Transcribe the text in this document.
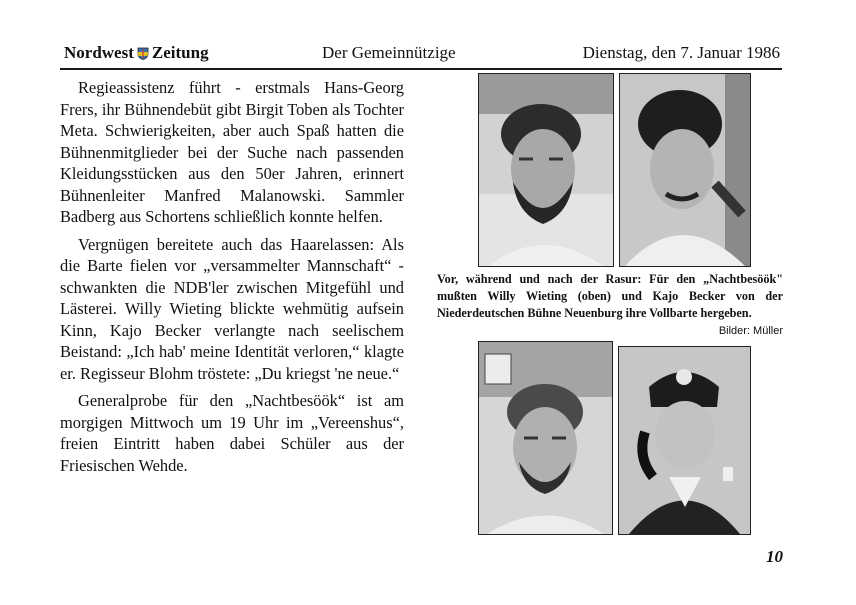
Nordwest Zeitung	Der Gemeinnützige	Dienstag, den 7. Januar 1986

Regieassistenz führt - erstmals Hans-Georg Frers, ihr Bühnendebüt gibt Birgit Toben als Tochter Meta. Schwierigkeiten, aber auch Spaß hatten die Bühnenmitglieder bei der Suche nach passenden Kleidungsstücken aus den 50er Jahren, erinnert Bühnenleiter Manfred Malanowski. Sammler Badberg aus Schortens schließlich konnte helfen.

Vergnügen bereitete auch das Haarelassen: Als die Barte fielen vor „versammelter Mannschaft“ - schwankten die NDB'ler zwischen Mitgefühl und Lästerei. Willy Wieting blickte wehmütig aufsein Kinn, Kajo Becker verlangte nach seelischem Beistand: „Ich hab' meine Identität verloren,“ klagte er. Regisseur Blohm tröstete: „Du kriegst 'ne neue.“

Generalprobe für den „Nachtbesöök“ ist am morgigen Mittwoch um 19 Uhr im „Vereenshus“, freien Eintritt haben dabei Schüler aus der Friesischen Wehde.

Vor, während und nach der Rasur: Für den „Nachtbesöök" mußten Willy Wieting (oben) und Kajo Becker von der Niederdeutschen Bühne Neuenburg ihre Vollbarte hergeben.
Bilder: Müller
10
